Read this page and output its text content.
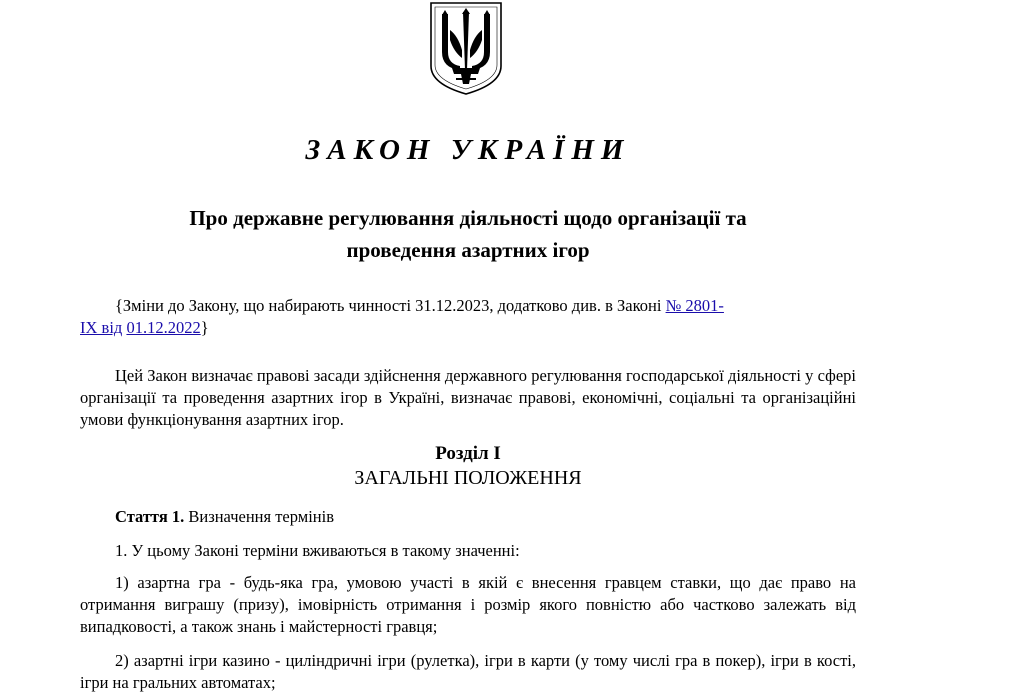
ЗАКОН УКРАЇНИ
Про державне регулювання діяльності щодо організації та
проведення азартних ігор
{Зміни до Закону, що набирають чинності 31.12.2023, додатково див. в Законі № 2801-
IX від 01.12.2022}
Цей Закон визначає правові засади здійснення державного регулювання господарської діяльності у сфері організації та проведення азартних ігор в Україні, визначає правові, економічні, соціальні та організаційні умови функціонування азартних ігор.
Розділ I
ЗАГАЛЬНІ ПОЛОЖЕННЯ
Стаття 1. Визначення термінів
1. У цьому Законі терміни вживаються в такому значенні:
1) азартна гра - будь-яка гра, умовою участі в якій є внесення гравцем ставки, що дає право на отримання виграшу (призу), імовірність отримання і розмір якого повністю або частково залежать від випадковості, а також знань і майстерності гравця;
2) азартні ігри казино - циліндричні ігри (рулетка), ігри в карти (у тому числі гра в покер), ігри в кості, ігри на гральних автоматах;
